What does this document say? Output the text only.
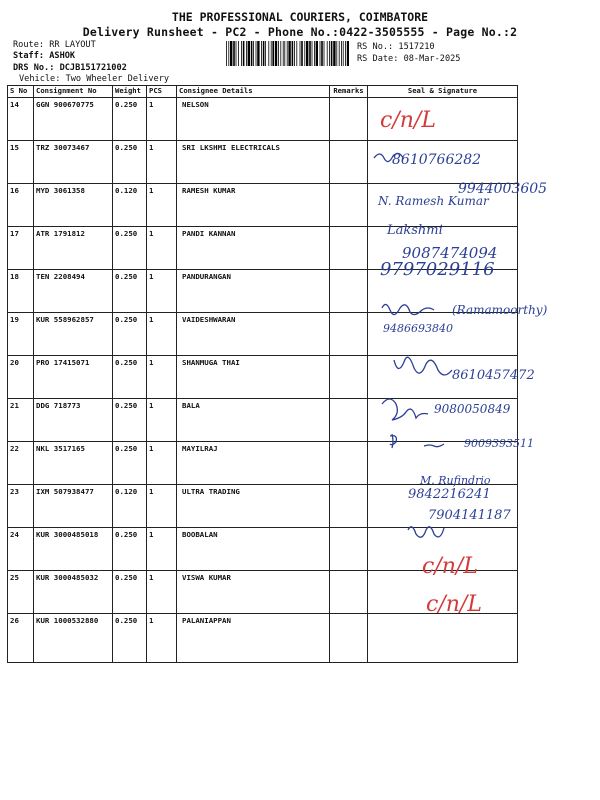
THE PROFESSIONAL COURIERS, COIMBATORE
Delivery Runsheet - PC2 - Phone No.:0422-3505555 - Page No.:2
Route: RR LAYOUT
Staff: ASHOK
DRS No.: DCJB151721002
Vehicle: Two Wheeler Delivery
RS No.: 1517210
RS Date: 08-Mar-2025
S No	Consignment No	Weight	PCS	Consignee Details	Remarks	Seal & Signature
14	GGN 900670775	0.250	1	NELSON		
15	TRZ 30073467	0.250	1	SRI LKSHMI ELECTRICALS		
16	MYD 3061358	0.120	1	RAMESH KUMAR		
17	ATR 1791812	0.250	1	PANDI KANNAN		
18	TEN 2208494	0.250	1	PANDURANGAN		
19	KUR 558962857	0.250	1	VAIDESHWARAN		
20	PRO 17415071	0.250	1	SHANMUGA THAI		
21	DDG 718773	0.250	1	BALA		
22	NKL 3517165	0.250	1	MAYILRAJ		
23	IXM 507938477	0.120	1	ULTRA TRADING		
24	KUR 3000485018	0.250	1	BOOBALAN		
25	KUR 3000485032	0.250	1	VISWA KUMAR		
26	KUR 1000532880	0.250	1	PALANIAPPAN		
c/n/L
8610766282
9944003605
N. Ramesh Kumar
Lakshmi
9087474094
9797029116
(Ramamoorthy)
9486693840
8610457472
9080050849
9009393511
M. Rufindrio
9842216241
7904141187
c/n/L
c/n/L
